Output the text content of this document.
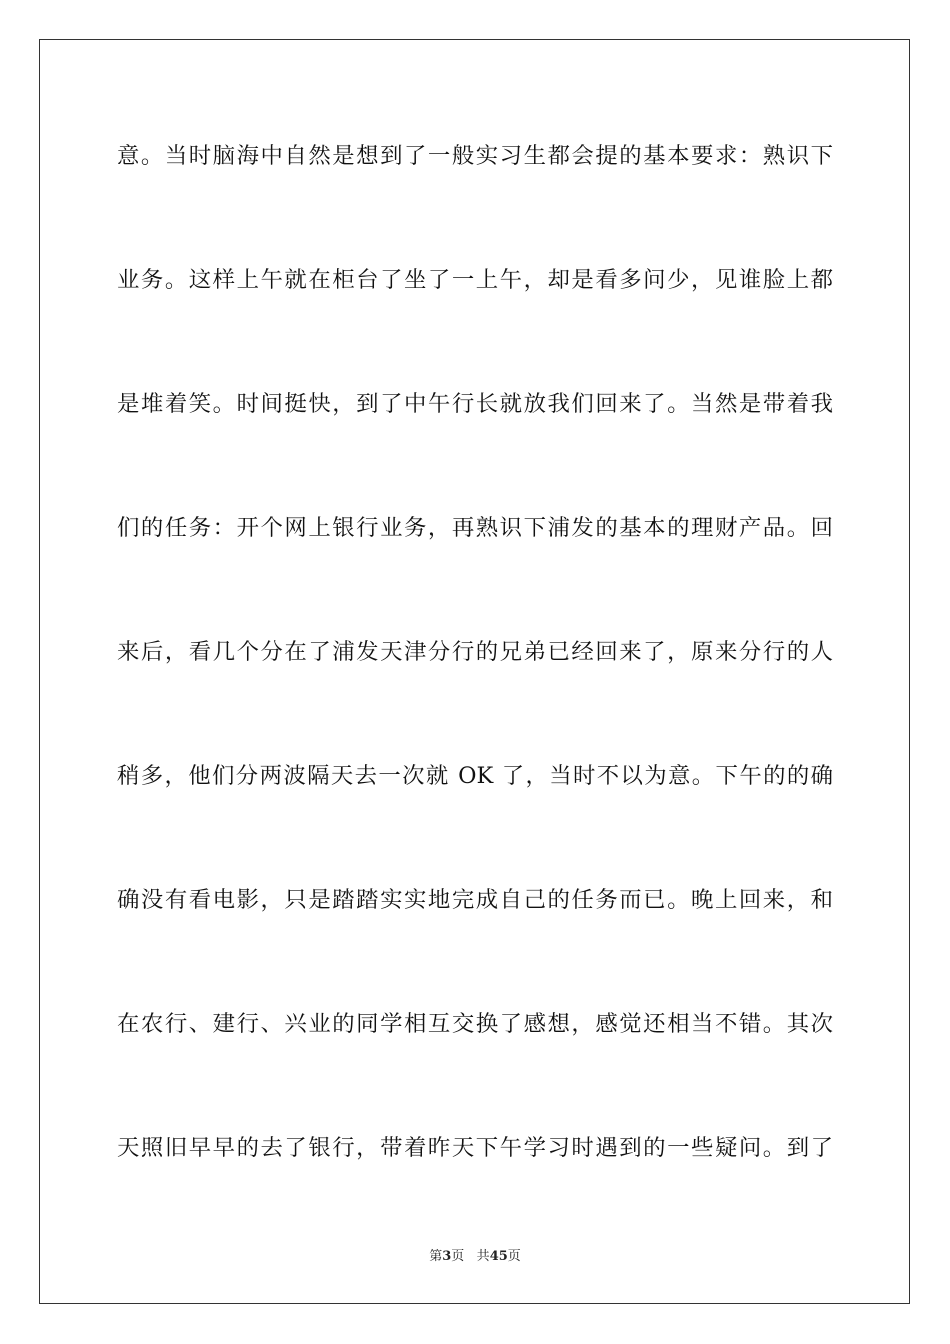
意。当时脑海中自然是想到了一般实习生都会提的基本要求：熟识下
业务。这样上午就在柜台了坐了一上午，却是看多问少，见谁脸上都
是堆着笑。时间挺快，到了中午行长就放我们回来了。当然是带着我
们的任务：开个网上银行业务，再熟识下浦发的基本的理财产品。回
来后，看几个分在了浦发天津分行的兄弟已经回来了，原来分行的人
稍多，他们分两波隔天去一次就 OK 了，当时不以为意。下午的的确
确没有看电影，只是踏踏实实地完成自己的任务而已。晚上回来，和
在农行、建行、兴业的同学相互交换了感想，感觉还相当不错。其次
天照旧早早的去了银行，带着昨天下午学习时遇到的一些疑问。到了
第3页 共45页
